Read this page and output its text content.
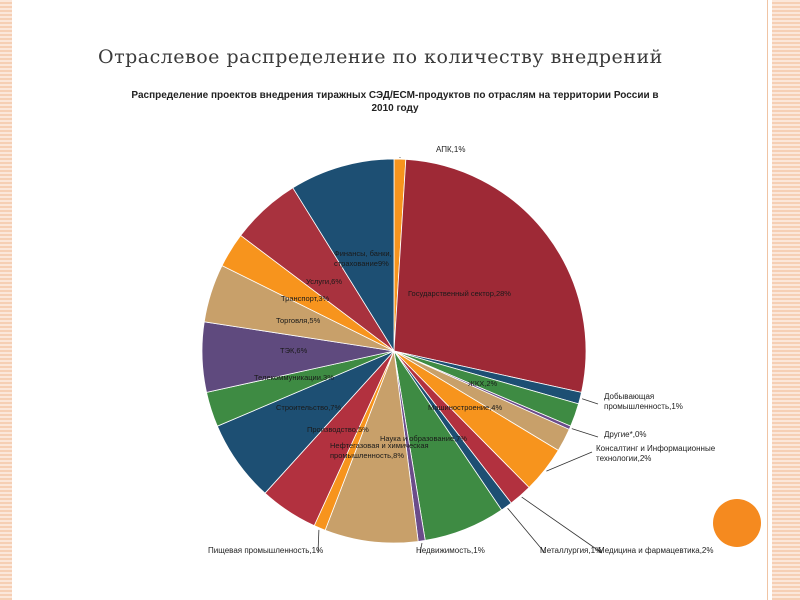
Отраслевое распределение по количеству внедрений
Распределение проектов внедрения тиражных СЭД/ECM-продуктов по отраслям на территории России в 2010 году
АПК,1%
Государственный сектор,28%
Добывающая промышленность,1%
ЖКХ,2%
Другие*,0%
Машиностроение,4%
Консалтинг и Информационные технологии,2%
Медицина и фармацевтика,2%
Металлургия,1%
Наука и образование,7%
Недвижимость,1%
Нефтегазовая и химическая промышленность,8%
Пищевая промышленность,1%
Производство,5%
Строительство,7%
Телекоммуникации,3%
ТЭК,6%
Торговля,5%
Транспорт,3%
Услуги,6%
Финансы, банки, страхование9%
